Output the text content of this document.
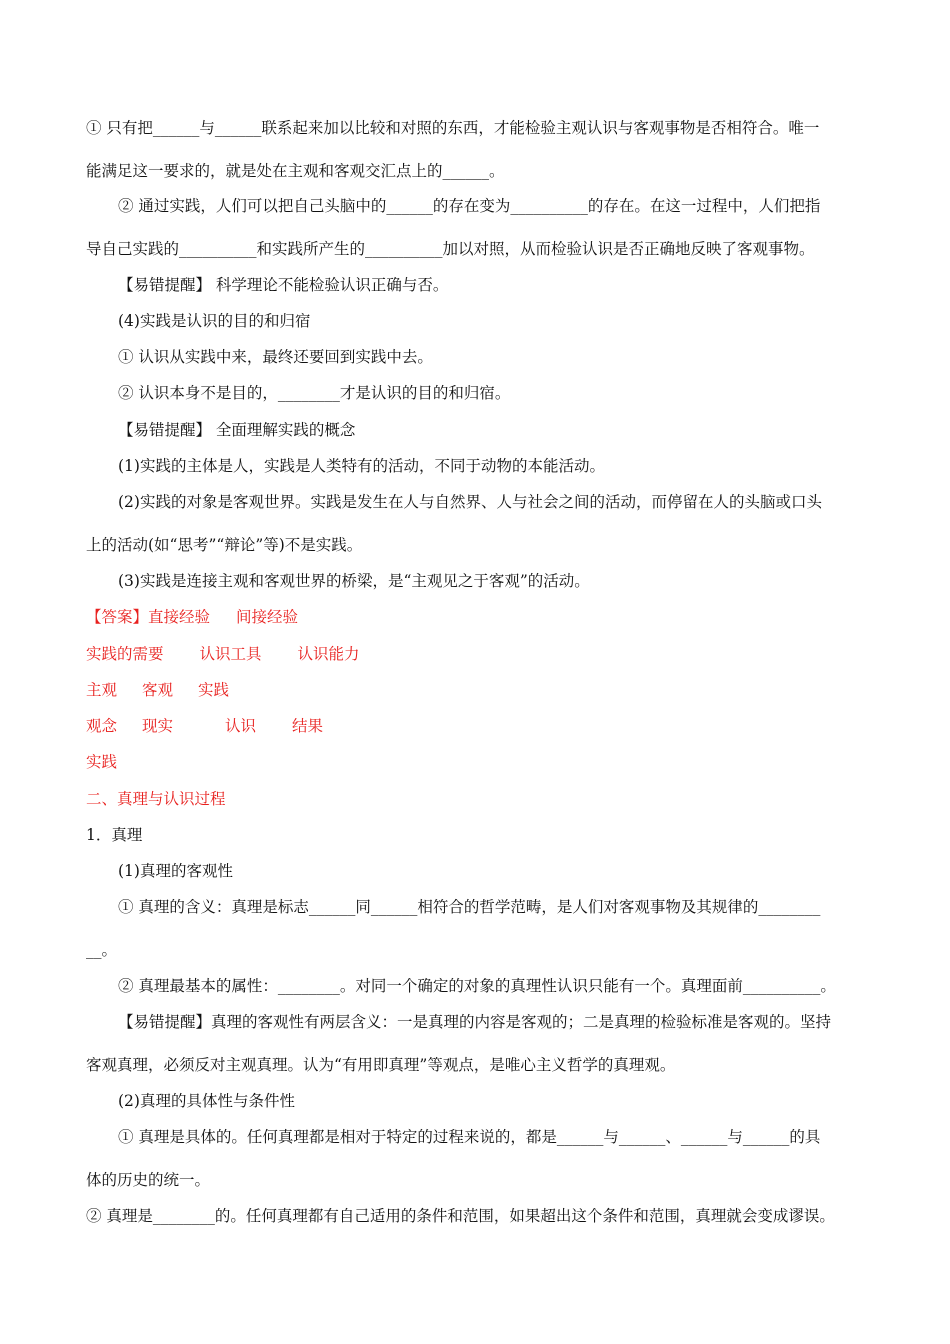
① 只有把______与______联系起来加以比较和对照的东西，才能检验主观认识与客观事物是否相符合。唯一
能满足这一要求的，就是处在主观和客观交汇点上的______。
② 通过实践，人们可以把自己头脑中的______的存在变为__________的存在。在这一过程中，人们把指
导自己实践的__________和实践所产生的__________加以对照，从而检验认识是否正确地反映了客观事物。
【易错提醒】 科学理论不能检验认识正确与否。
(4)实践是认识的目的和归宿
① 认识从实践中来，最终还要回到实践中去。
② 认识本身不是目的，________才是认识的目的和归宿。
【易错提醒】 全面理解实践的概念
(1)实践的主体是人，实践是人类特有的活动，不同于动物的本能活动。
(2)实践的对象是客观世界。实践是发生在人与自然界、人与社会之间的活动，而停留在人的头脑或口头
上的活动(如“思考”“辩论”等)不是实践。
(3)实践是连接主观和客观世界的桥梁，是“主观见之于客观”的活动。
【答案】直接经验 间接经验
实践的需要 认识工具 认识能力
主观 客观 实践
观念 现实	认识 结果
实践
二、真理与认识过程
1．真理
(1)真理的客观性
① 真理的含义：真理是标志______同______相符合的哲学范畴，是人们对客观事物及其规律的________
__。
② 真理最基本的属性：________。对同一个确定的对象的真理性认识只能有一个。真理面前__________。
【易错提醒】真理的客观性有两层含义：一是真理的内容是客观的；二是真理的检验标准是客观的。坚持
客观真理，必须反对主观真理。认为“有用即真理”等观点，是唯心主义哲学的真理观。
(2)真理的具体性与条件性
① 真理是具体的。任何真理都是相对于特定的过程来说的，都是______与______、______与______的具
体的历史的统一。
② 真理是________的。任何真理都有自己适用的条件和范围，如果超出这个条件和范围，真理就会变成谬误。
